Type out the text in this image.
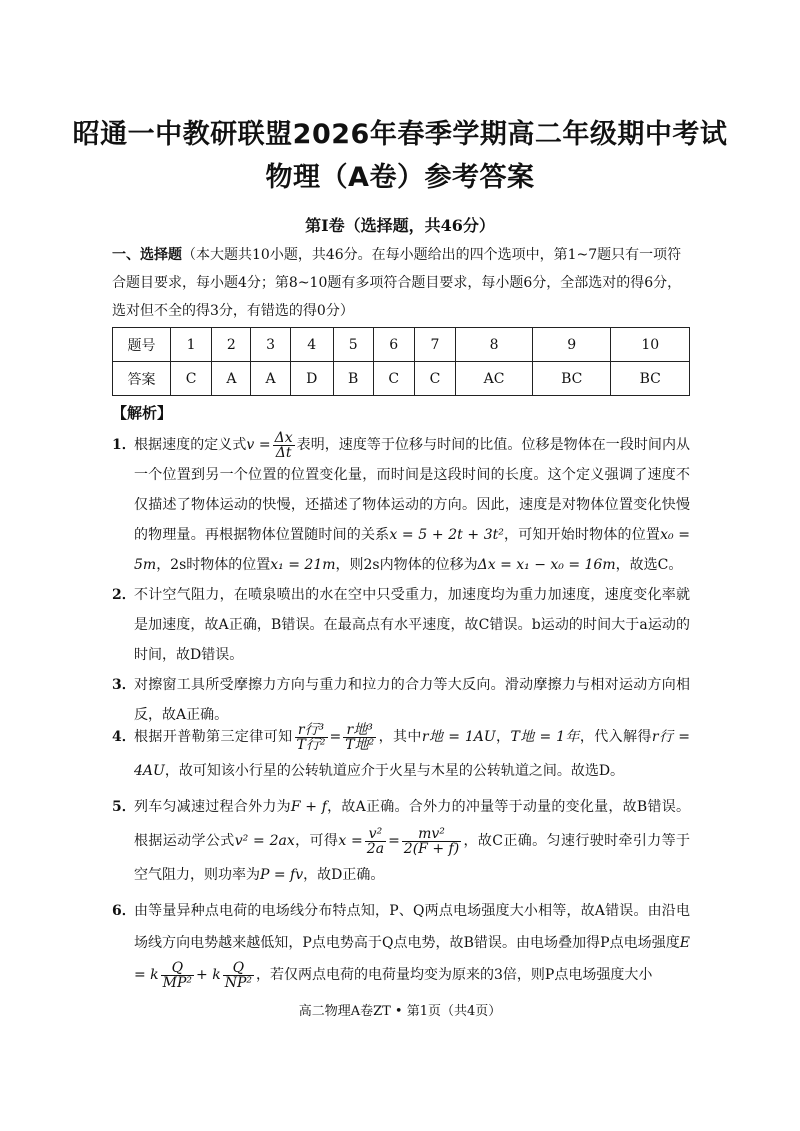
昭通一中教研联盟2026年春季学期高二年级期中考试
物理（A卷）参考答案
第Ⅰ卷（选择题，共46分）
一、选择题（本大题共10小题，共46分。在每小题给出的四个选项中，第1~7题只有一项符合题目要求，每小题4分；第8~10题有多项符合题目要求，每小题6分，全部选对的得6分，选对但不全的得3分，有错选的得0分）
题号	1	2	3	4	5	6	7	8	9	10
答案	C	A	A	D	B	C	C	AC	BC	BC
【解析】
1．
根据速度的定义式$v = \frac{\Delta x}{\Delta t}$ 表明，速度等于位移与时间的比值。位移是物体在一段时间内从一个位置到另一个位置的位置变化量，而时间是这段时间的长度。这个定义强调了速度不仅描述了物体运动的快慢，还描述了物体运动的方向。因此，速度是对物体位置变化快慢的物理量。再根据物体位置随时间的关系x = 5 + 2t + 3t²，可知开始时物体的位置x₀ = 5m，2s时物体的位置x₁ = 21m，则2s内物体的位移为Δx = x₁ − x₀ = 16m，故选C。
2．
不计空气阻力，在喷泉喷出的水在空中只受重力，加速度均为重力加速度，速度变化率就是加速度，故A正确，B错误。在最高点有水平速度，故C错误。b运动的时间大于a运动的时间，故D错误。
3．
对擦窗工具所受摩擦力方向与重力和拉力的合力等大反向。滑动摩擦力与相对运动方向相反，故A正确。
4．
根据开普勒第三定律可知 $\frac{\text{r行³}}{\text{T行²}} = \frac{\text{r地³}}{\text{T地²}}$ ，其中r地 = 1AU，T地 = 1年，代入解得r行 = 4AU，故可知该小行星的公转轨道应介于火星与木星的公转轨道之间。故选D。
5．
列车匀减速过程合外力为F + f，故A正确。合外力的冲量等于动量的变化量，故B错误。根据运动学公式v² = 2ax，可得$x = \frac{\text{v²}}{2a} = \frac{\text{mv²}}{2(F + f)}$ ，故C正确。匀速行驶时牵引力等于空气阻力，则功率为P = fv，故D正确。
6．
由等量异种点电荷的电场线分布特点知，P、Q两点电场强度大小相等，故A错误。由沿电场线方向电势越来越低知，P点电势高于Q点电势，故B错误。由电场叠加得P点电场强度E = k $\frac{Q}{\text{MP²}} + k \frac{Q}{\text{NP²}}$ ，若仅两点电荷的电荷量均变为原来的3倍，则P点电场强度大小
高二物理A卷ZT • 第1页（共4页）
